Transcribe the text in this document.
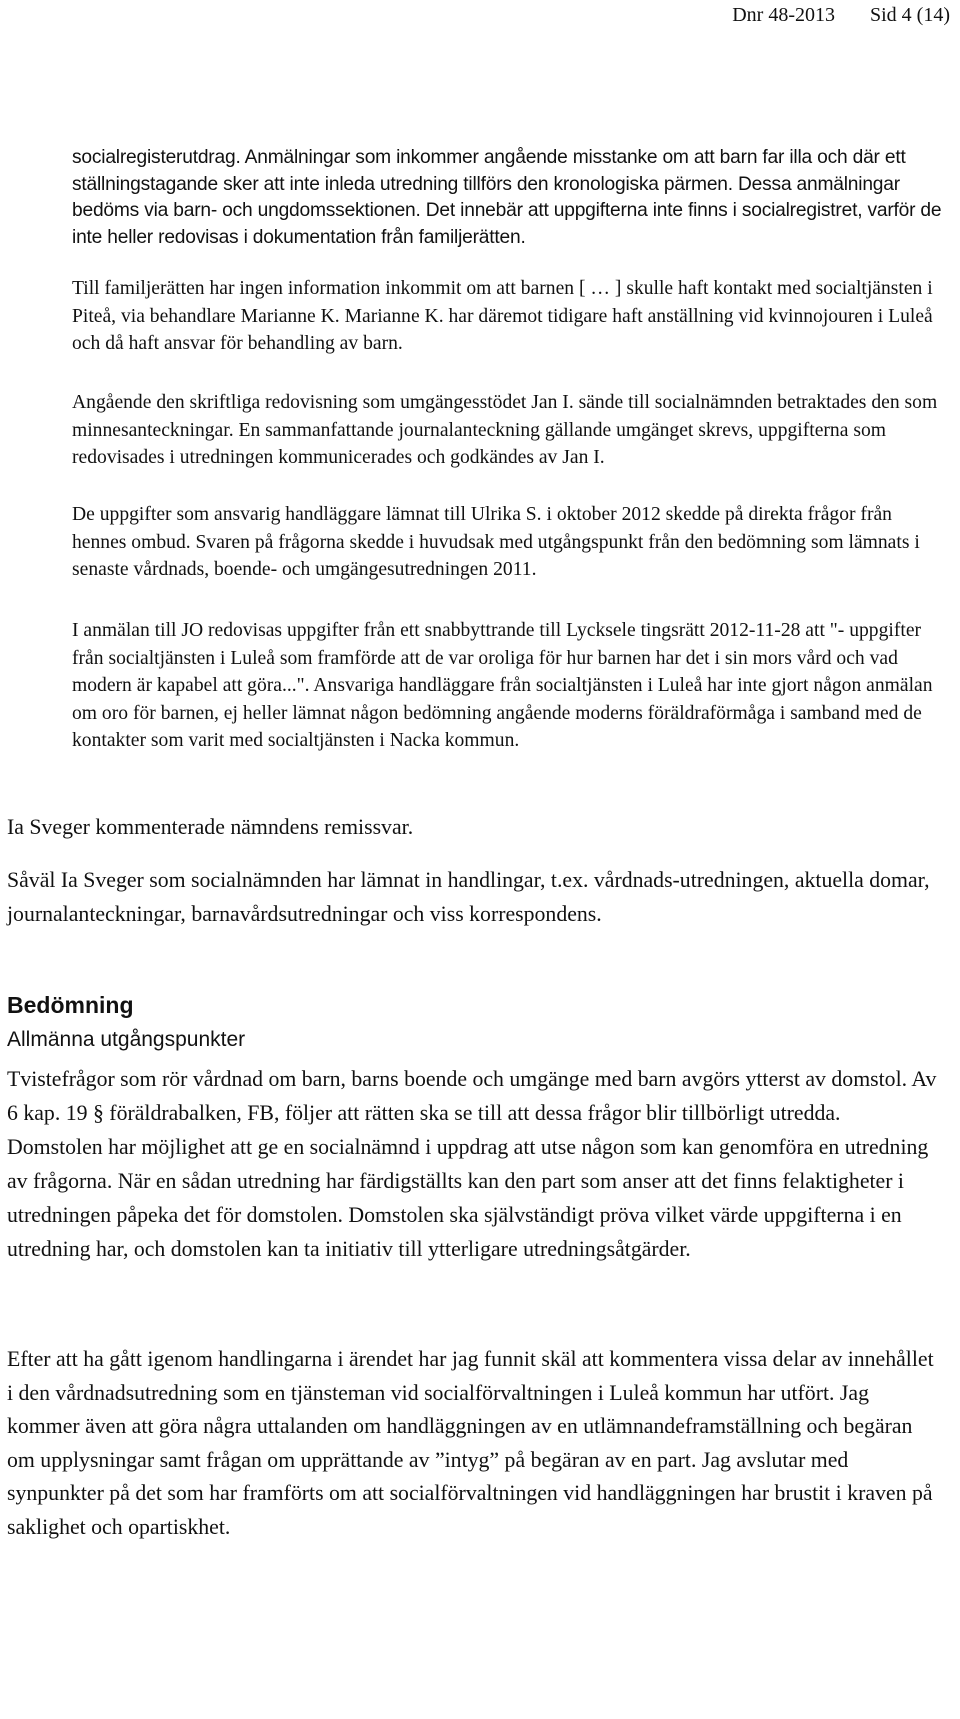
Dnr 48-2013 Sid 4 (14)

socialregisterutdrag. Anmälningar som inkommer angående misstanke om att barn far illa och där ett ställningstagande sker att inte inleda utredning tillförs den kronologiska pärmen. Dessa anmälningar bedöms via barn- och ungdomssektionen. Det innebär att uppgifterna inte finns i socialregistret, varför de inte heller redovisas i dokumentation från familjerätten.

Till familjerätten har ingen information inkommit om att barnen [ … ] skulle haft kontakt med socialtjänsten i Piteå, via behandlare Marianne K. Marianne K. har däremot tidigare haft anställning vid kvinnojouren i Luleå och då haft ansvar för behandling av barn.

Angående den skriftliga redovisning som umgängesstödet Jan I. sände till socialnämnden betraktades den som minnesanteckningar. En sammanfattande journalanteckning gällande umgänget skrevs, uppgifterna som redovisades i utredningen kommunicerades och godkändes av Jan I.

De uppgifter som ansvarig handläggare lämnat till Ulrika S. i oktober 2012 skedde på direkta frågor från hennes ombud. Svaren på frågorna skedde i huvudsak med utgångspunkt från den bedömning som lämnats i senaste vårdnads, boende- och umgängesutredningen 2011.

I anmälan till JO redovisas uppgifter från ett snabbyttrande till Lycksele tingsrätt 2012-11-28 att "- uppgifter från socialtjänsten i Luleå som framförde att de var oroliga för hur barnen har det i sin mors vård och vad modern är kapabel att göra...". Ansvariga handläggare från socialtjänsten i Luleå har inte gjort någon anmälan om oro för barnen, ej heller lämnat någon bedömning angående moderns föräldraförmåga i samband med de kontakter som varit med socialtjänsten i Nacka kommun.

Ia Sveger kommenterade nämndens remissvar.

Såväl Ia Sveger som socialnämnden har lämnat in handlingar, t.ex. vårdnads-utredningen, aktuella domar, journalanteckningar, barnavårdsutredningar och viss korrespondens.

Bedömning
Allmänna utgångspunkter

Tvistefrågor som rör vårdnad om barn, barns boende och umgänge med barn avgörs ytterst av domstol. Av 6 kap. 19 § föräldrabalken, FB, följer att rätten ska se till att dessa frågor blir tillbörligt utredda. Domstolen har möjlighet att ge en socialnämnd i uppdrag att utse någon som kan genomföra en utredning av frågorna. När en sådan utredning har färdigställts kan den part som anser att det finns felaktigheter i utredningen påpeka det för domstolen. Domstolen ska självständigt pröva vilket värde uppgifterna i en utredning har, och domstolen kan ta initiativ till ytterligare utredningsåtgärder.

Efter att ha gått igenom handlingarna i ärendet har jag funnit skäl att kommentera vissa delar av innehållet i den vårdnadsutredning som en tjänsteman vid socialförvaltningen i Luleå kommun har utfört. Jag kommer även att göra några uttalanden om handläggningen av en utlämnandeframställning och begäran om upplysningar samt frågan om upprättande av ”intyg” på begäran av en part. Jag avslutar med synpunkter på det som har framförts om att socialförvaltningen vid handläggningen har brustit i kraven på saklighet och opartiskhet.
